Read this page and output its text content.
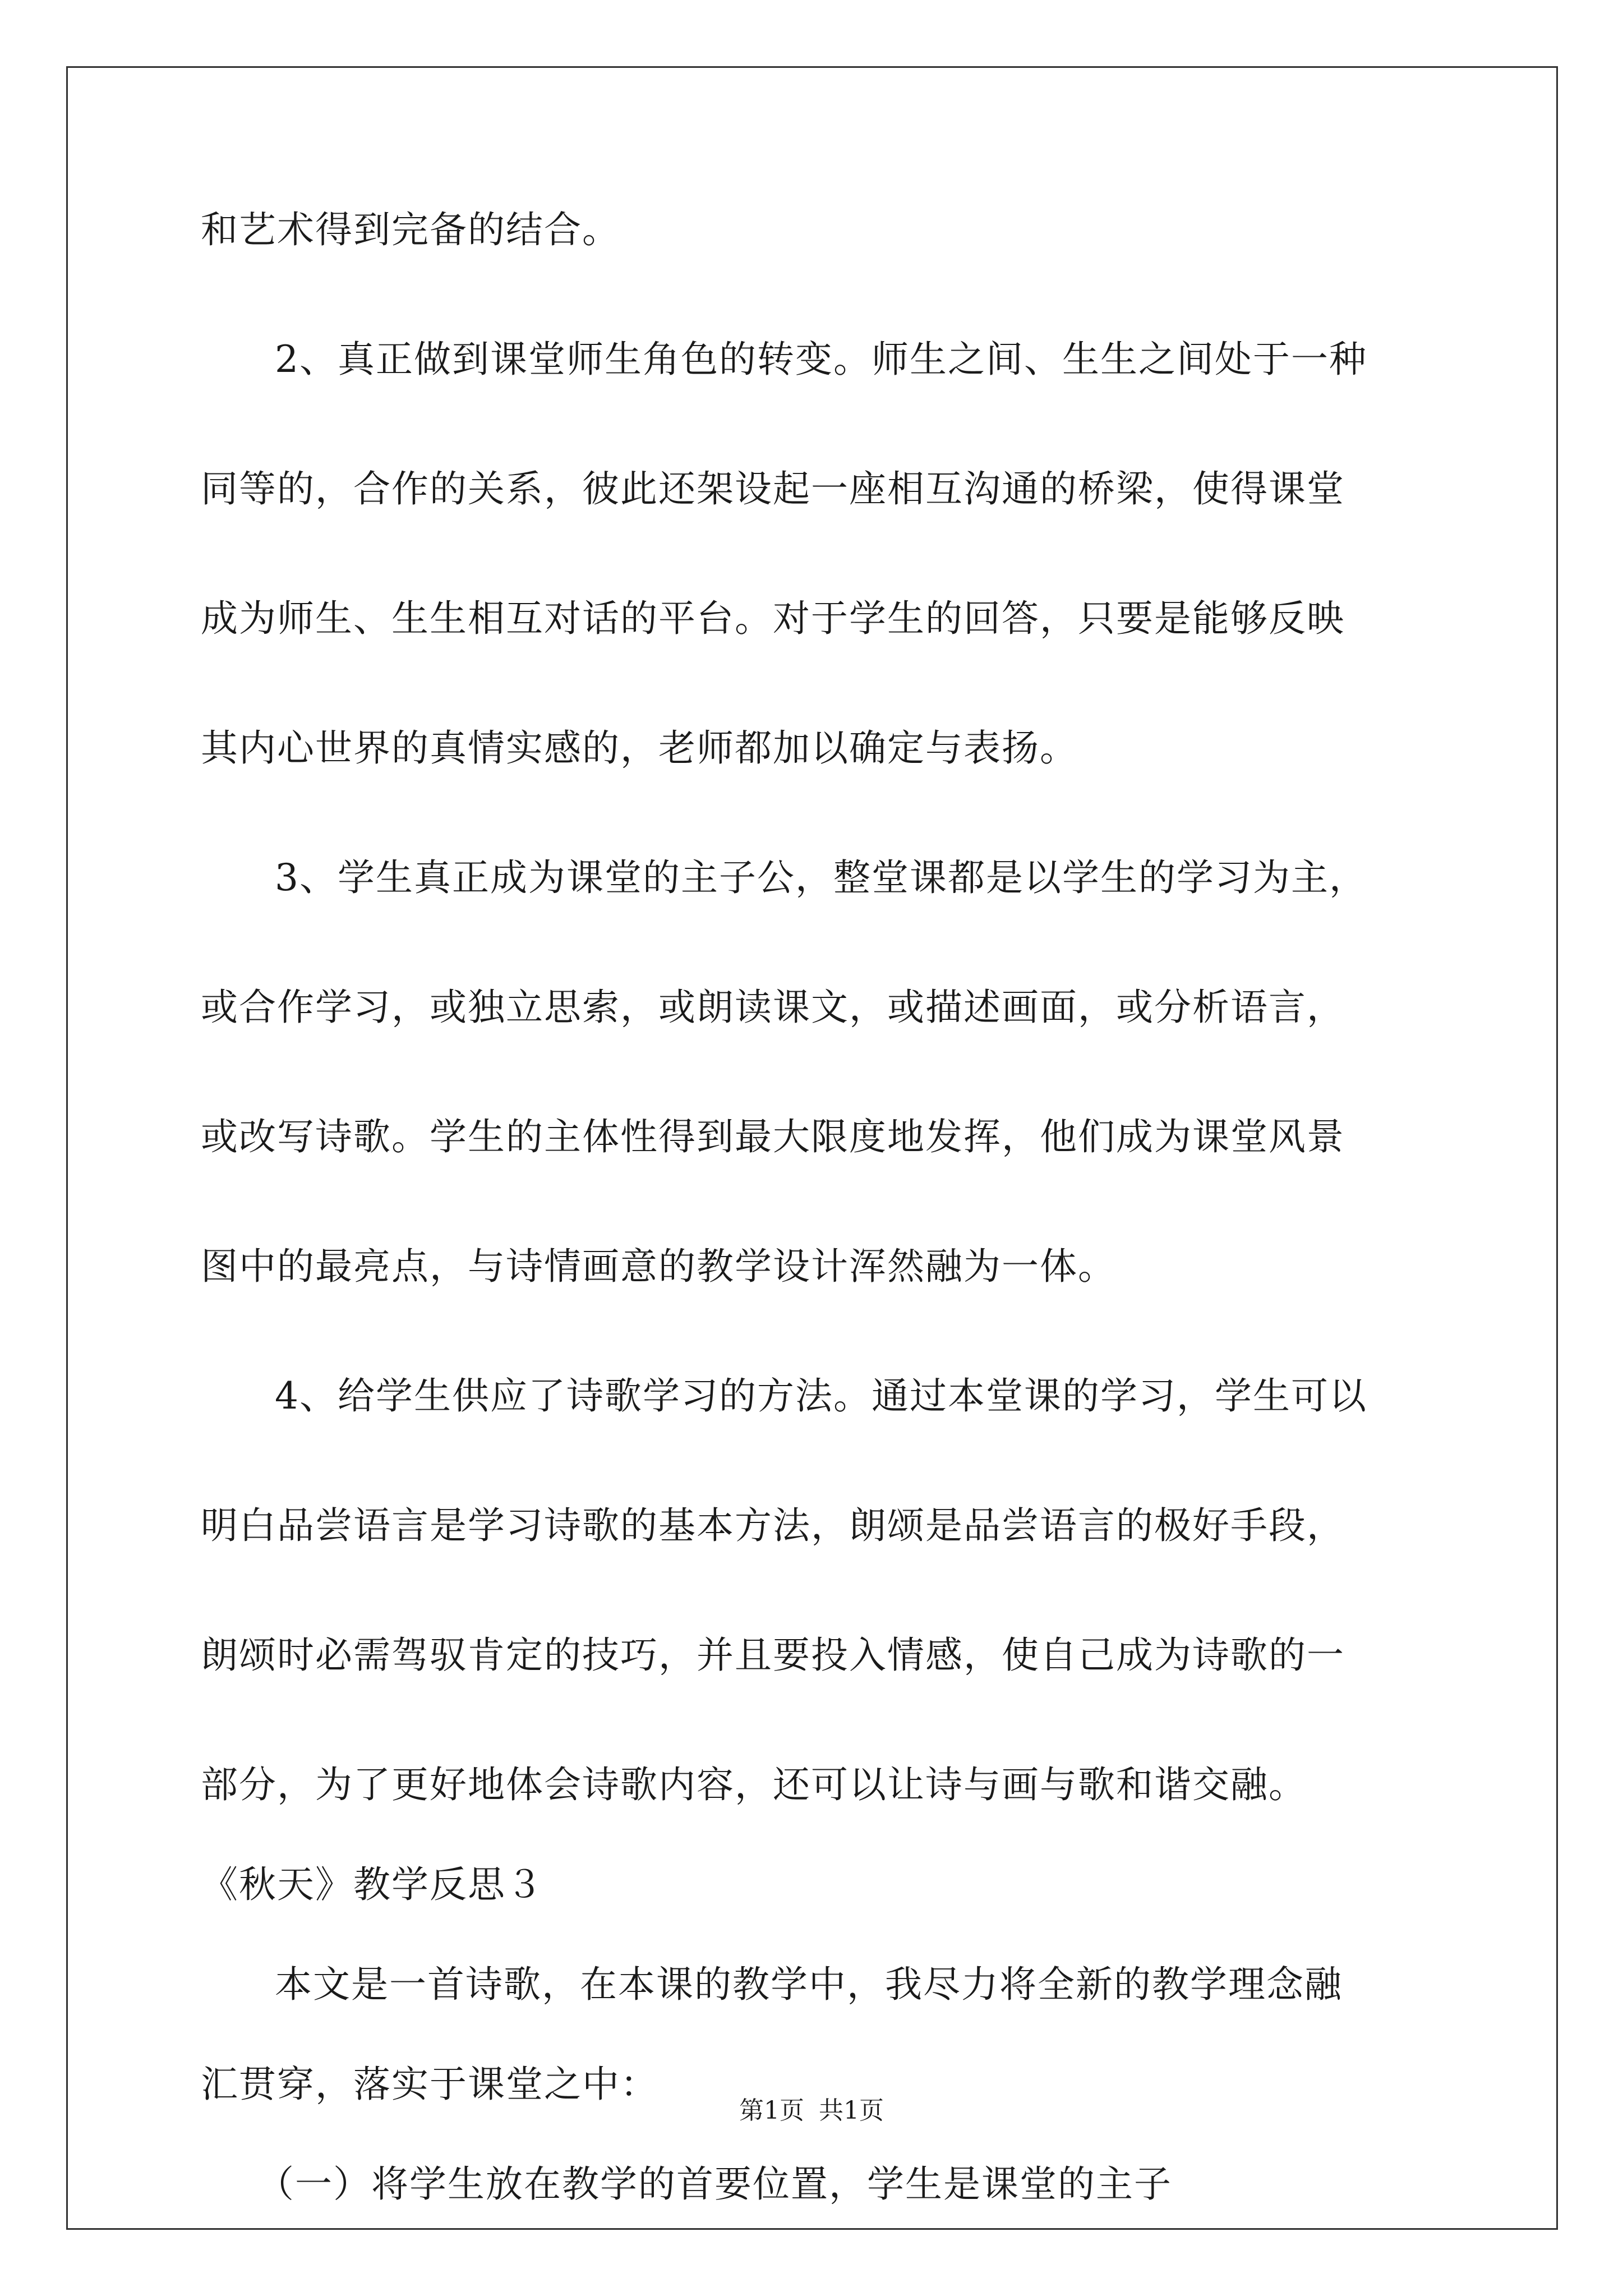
和艺术得到完备的结合。
2、真正做到课堂师生角色的转变。师生之间、生生之间处于一种
同等的，合作的关系，彼此还架设起一座相互沟通的桥梁，使得课堂
成为师生、生生相互对话的平台。对于学生的回答，只要是能够反映
其内心世界的真情实感的，老师都加以确定与表扬。
3、学生真正成为课堂的主子公，整堂课都是以学生的学习为主，
或合作学习，或独立思索，或朗读课文，或描述画面，或分析语言，
或改写诗歌。学生的主体性得到最大限度地发挥，他们成为课堂风景
图中的最亮点，与诗情画意的教学设计浑然融为一体。
4、给学生供应了诗歌学习的方法。通过本堂课的学习，学生可以
明白品尝语言是学习诗歌的基本方法，朗颂是品尝语言的极好手段，
朗颂时必需驾驭肯定的技巧，并且要投入情感，使自己成为诗歌的一
部分，为了更好地体会诗歌内容，还可以让诗与画与歌和谐交融。
《秋天》教学反思３
本文是一首诗歌，在本课的教学中，我尽力将全新的教学理念融
汇贯穿，落实于课堂之中：
（一）将学生放在教学的首要位置，学生是课堂的主子
第1页 共1页
